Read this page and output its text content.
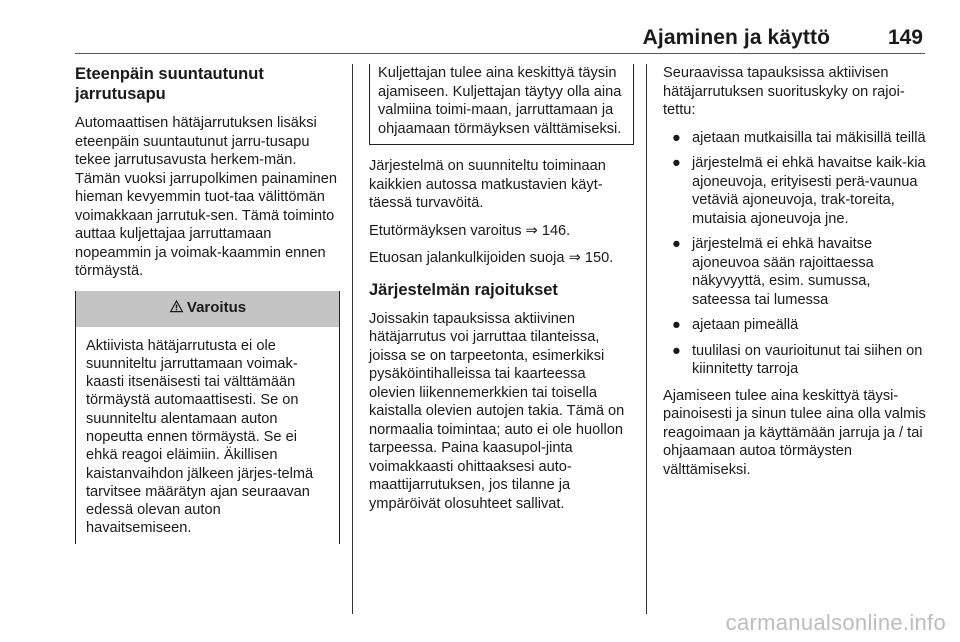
Ajaminen ja käyttö	149
Eteenpäin suuntautunut jarrutusapu

Automaattisen hätäjarrutuksen lisäksi eteenpäin suuntautunut jarru-tusapu tekee jarrutusavusta herkem-män. Tämän vuoksi jarrupolkimen painaminen hieman kevyemmin tuot-taa välittömän voimakkaan jarrutuk-sen. Tämä toiminto auttaa kuljettajaa jarruttamaan nopeammin ja voimak-kaammin ennen törmäystä.

Varoitus
Aktiivista hätäjarrutusta ei ole suunniteltu jarruttamaan voimak-kaasti itsenäisesti tai välttämään törmäystä automaattisesti. Se on suunniteltu alentamaan auton nopeutta ennen törmäystä. Se ei ehkä reagoi eläimiin. Äkillisen kaistanvaihdon jälkeen järjes-telmä tarvitsee määrätyn ajan seuraavan edessä olevan auton havaitsemiseen.
Kuljettajan tulee aina keskittyä täysin ajamiseen. Kuljettajan täytyy olla aina valmiina toimi-maan, jarruttamaan ja ohjaamaan törmäyksen välttämiseksi.

Järjestelmä on suunniteltu toiminaan kaikkien autossa matkustavien käyt-täessä turvavöitä.

Etutörmäyksen varoitus ⇒ 146.

Etuosan jalankulkijoiden suoja ⇒ 150.

Järjestelmän rajoitukset

Joissakin tapauksissa aktiivinen hätäjarrutus voi jarruttaa tilanteissa, joissa se on tarpeetonta, esimerkiksi pysäköintihalleissa tai kaarteessa olevien liikennemerkkien tai toisella kaistalla olevien autojen takia. Tämä on normaalia toimintaa; auto ei ole huollon tarpeessa. Paina kaasupol-jinta voimakkaasti ohittaaksesi auto-maattijarrutuksen, jos tilanne ja ympäröivät olosuhteet sallivat.

Seuraavissa tapauksissa aktiivisen hätäjarrutuksen suorituskyky on rajoi-tettu:

● ajetaan mutkaisilla tai mäkisillä teillä
● järjestelmä ei ehkä havaitse kaik-kia ajoneuvoja, erityisesti perä-vaunua vetäviä ajoneuvoja, trak-toreita, mutaisia ajoneuvoja jne.
● järjestelmä ei ehkä havaitse ajoneuvoa sään rajoittaessa näkyvyyttä, esim. sumussa, sateessa tai lumessa
● ajetaan pimeällä
● tuulilasi on vaurioitunut tai siihen on kiinnitetty tarroja

Ajamiseen tulee aina keskittyä täysi-painoisesti ja sinun tulee aina olla valmis reagoimaan ja käyttämään jarruja ja / tai ohjaamaan autoa törmäysten välttämiseksi.

carmanualsonline.info
